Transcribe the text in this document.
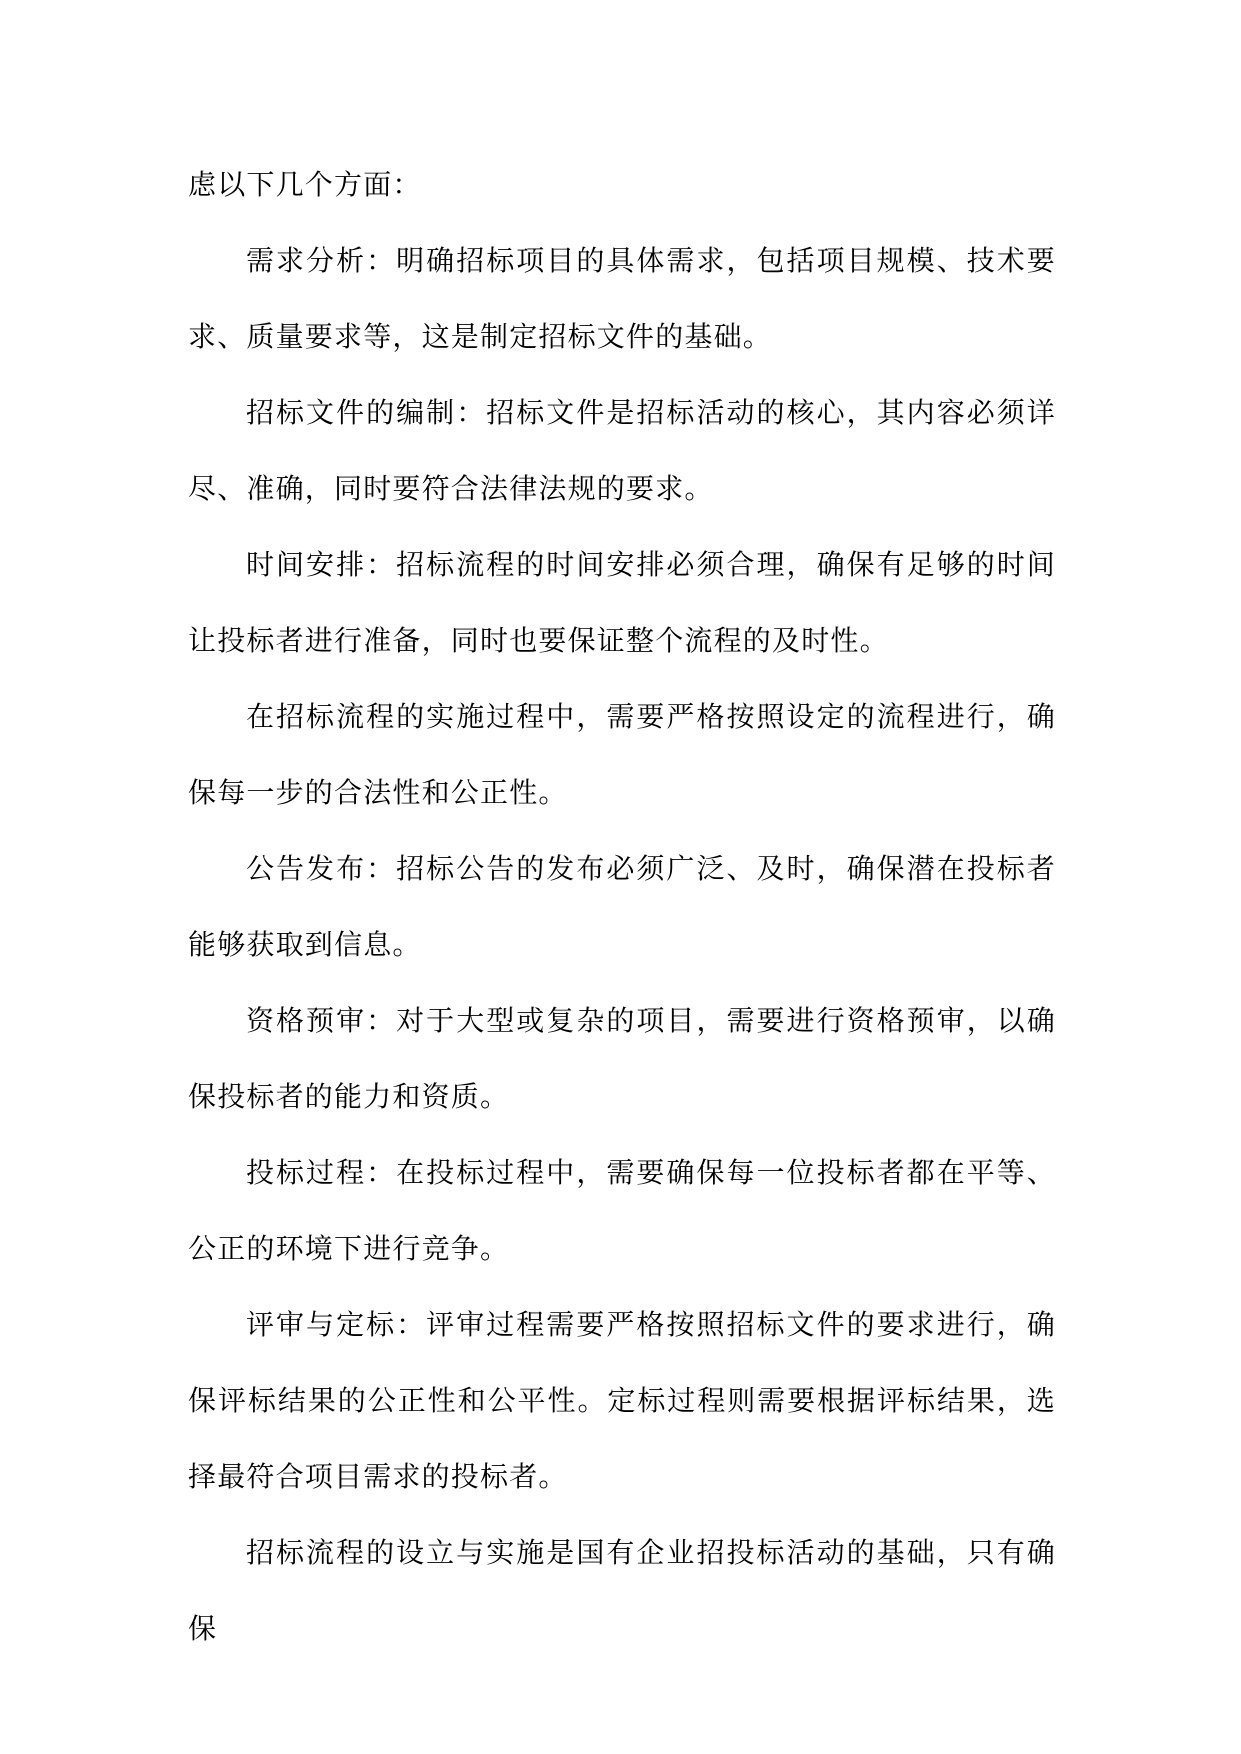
虑以下几个方面：

需求分析：明确招标项目的具体需求，包括项目规模、技术要求、质量要求等，这是制定招标文件的基础。

招标文件的编制：招标文件是招标活动的核心，其内容必须详尽、准确，同时要符合法律法规的要求。

时间安排：招标流程的时间安排必须合理，确保有足够的时间让投标者进行准备，同时也要保证整个流程的及时性。

在招标流程的实施过程中，需要严格按照设定的流程进行，确保每一步的合法性和公正性。

公告发布：招标公告的发布必须广泛、及时，确保潜在投标者能够获取到信息。

资格预审：对于大型或复杂的项目，需要进行资格预审，以确保投标者的能力和资质。

投标过程：在投标过程中，需要确保每一位投标者都在平等、公正的环境下进行竞争。

评审与定标：评审过程需要严格按照招标文件的要求进行，确保评标结果的公正性和公平性。定标过程则需要根据评标结果，选择最符合项目需求的投标者。

招标流程的设立与实施是国有企业招投标活动的基础，只有确保
